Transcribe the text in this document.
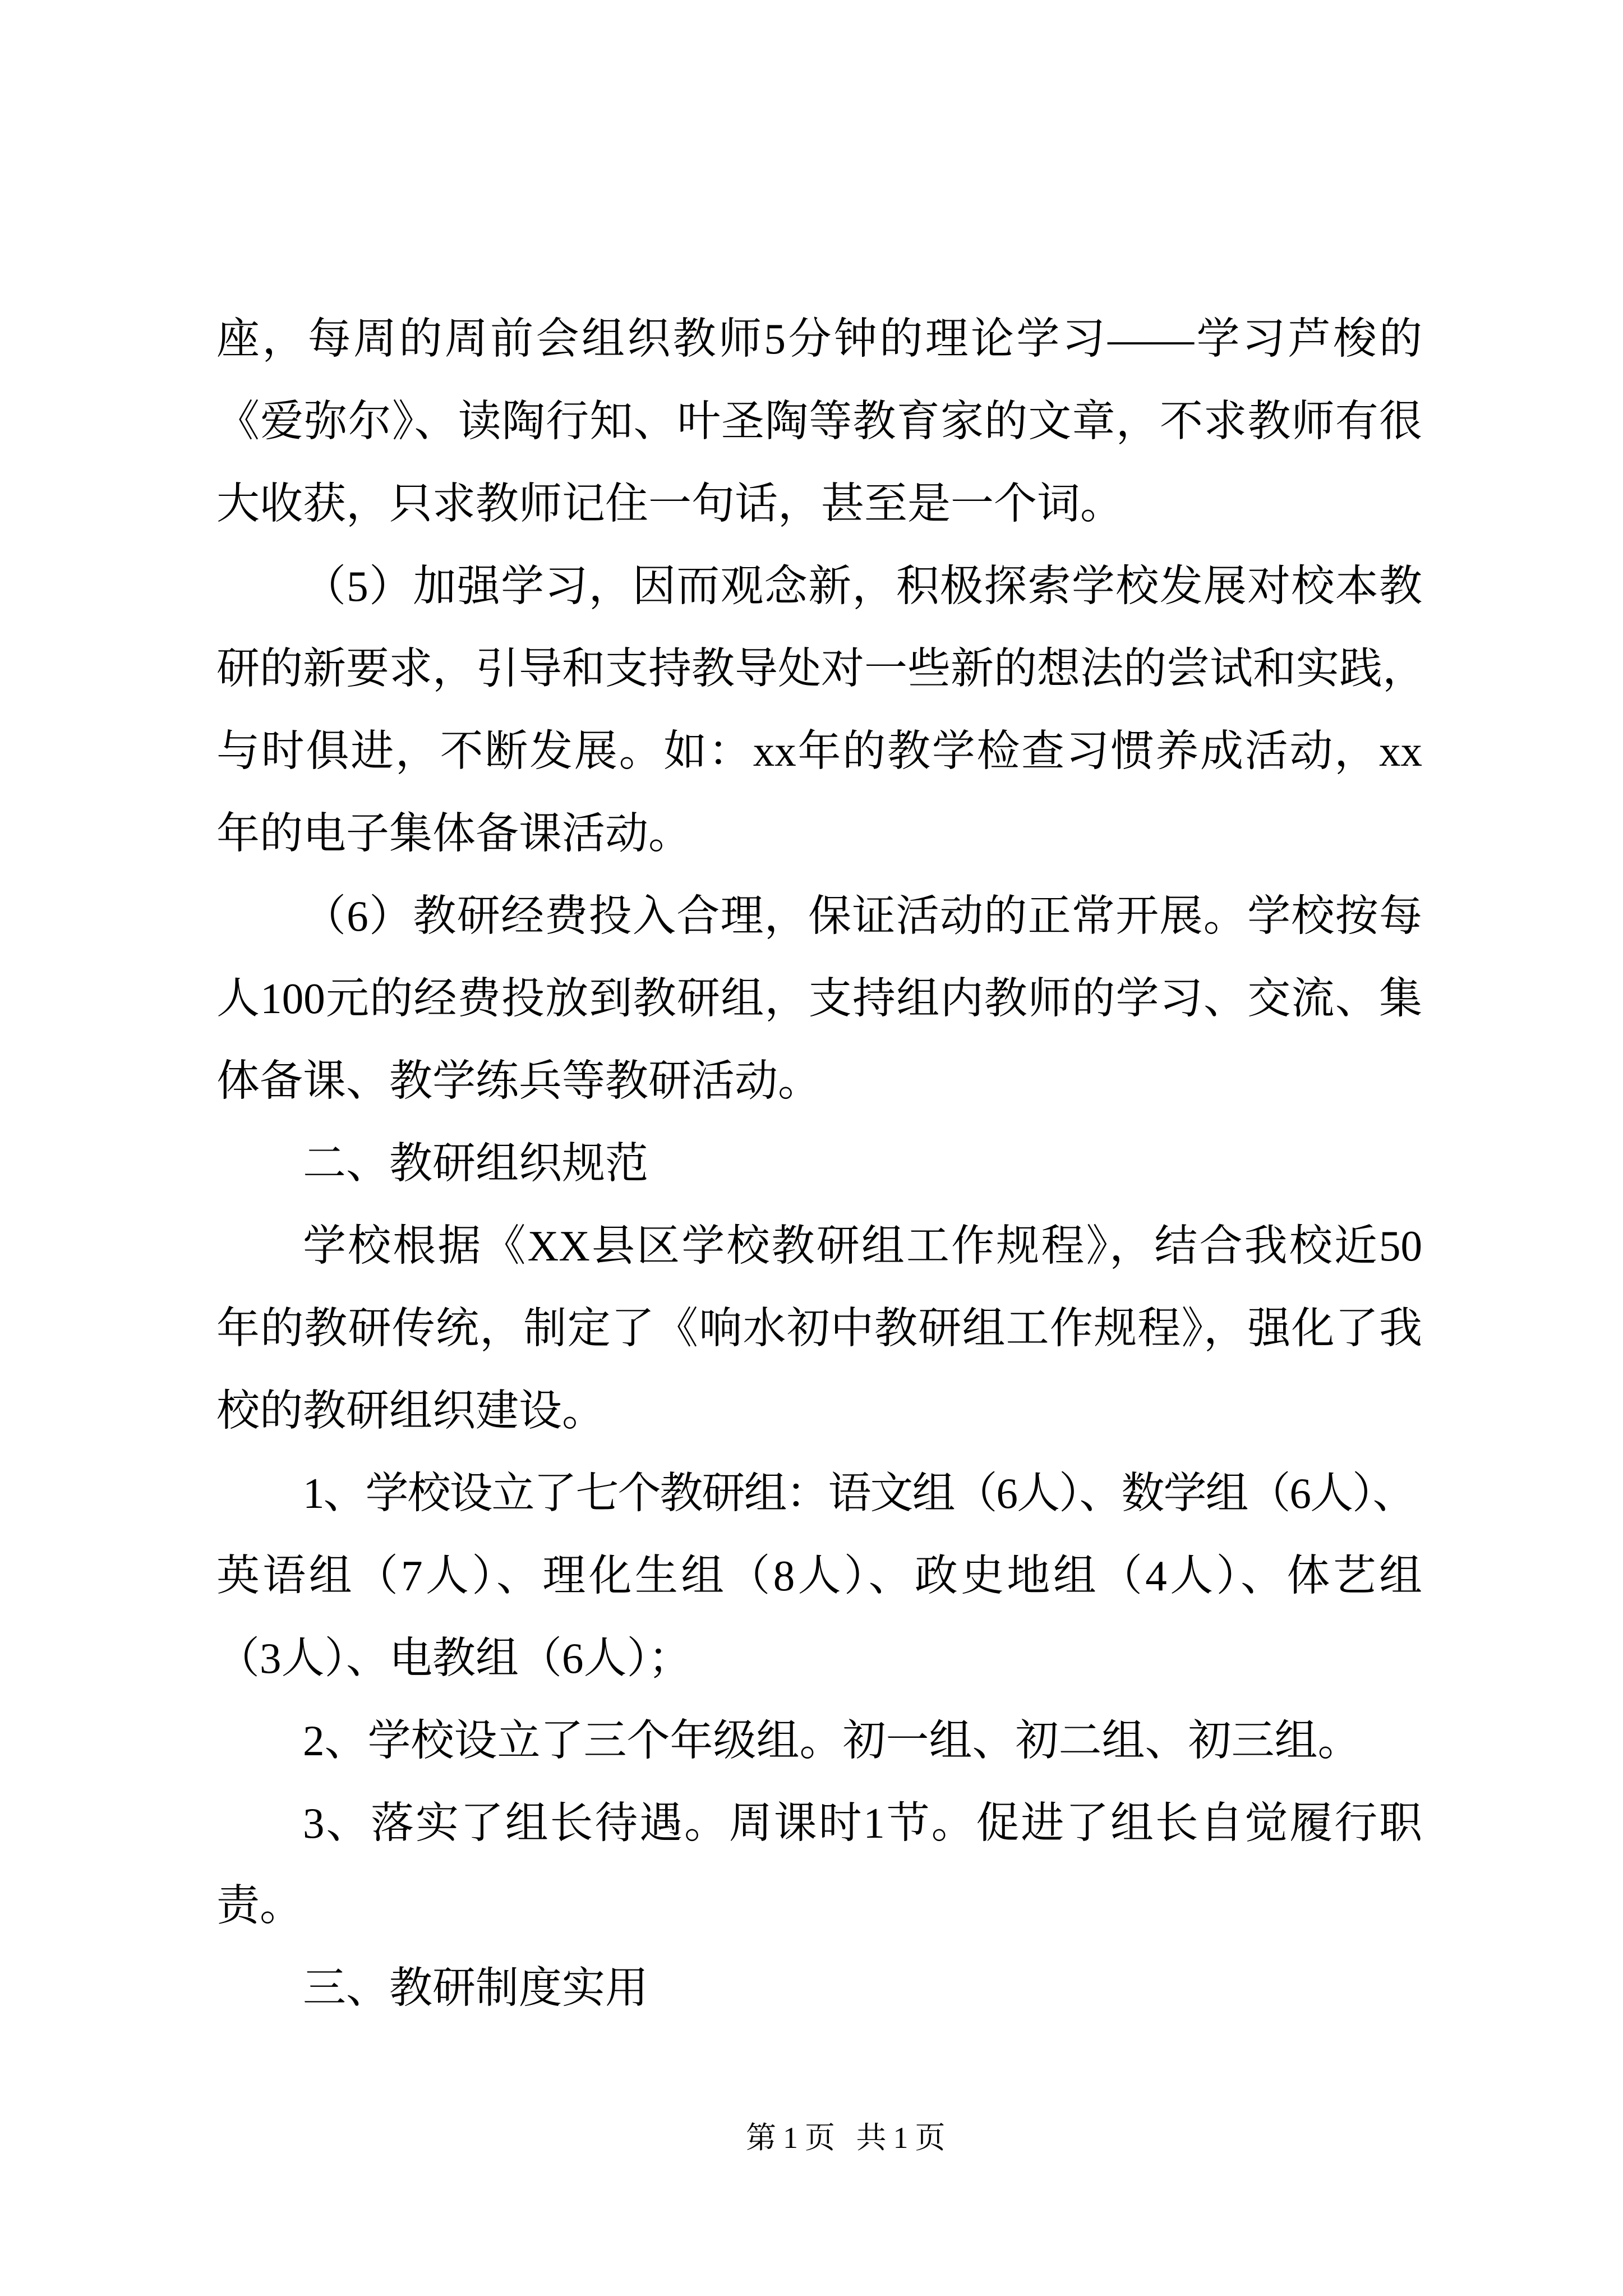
座，每周的周前会组织教师5分钟的理论学习——学习芦梭的
《爱弥尔》、读陶行知、叶圣陶等教育家的文章，不求教师有很
大收获，只求教师记住一句话，甚至是一个词。
（5）加强学习，因而观念新，积极探索学校发展对校本教
研的新要求，引导和支持教导处对一些新的想法的尝试和实践，
与时俱进，不断发展。如：xx年的教学检查习惯养成活动，xx
年的电子集体备课活动。
（6）教研经费投入合理，保证活动的正常开展。学校按每
人100元的经费投放到教研组，支持组内教师的学习、交流、集
体备课、教学练兵等教研活动。
二、教研组织规范
学校根据《XX县区学校教研组工作规程》，结合我校近50
年的教研传统，制定了《响水初中教研组工作规程》，强化了我
校的教研组织建设。
1、学校设立了七个教研组：语文组（6人）、数学组（6人）、
英语组（7人）、理化生组（8人）、政史地组（4人）、体艺组
（3人）、电教组（6人）；
2、学校设立了三个年级组。初一组、初二组、初三组。
3、落实了组长待遇。周课时1节。促进了组长自觉履行职
责。
三、教研制度实用
第1页 共1页
